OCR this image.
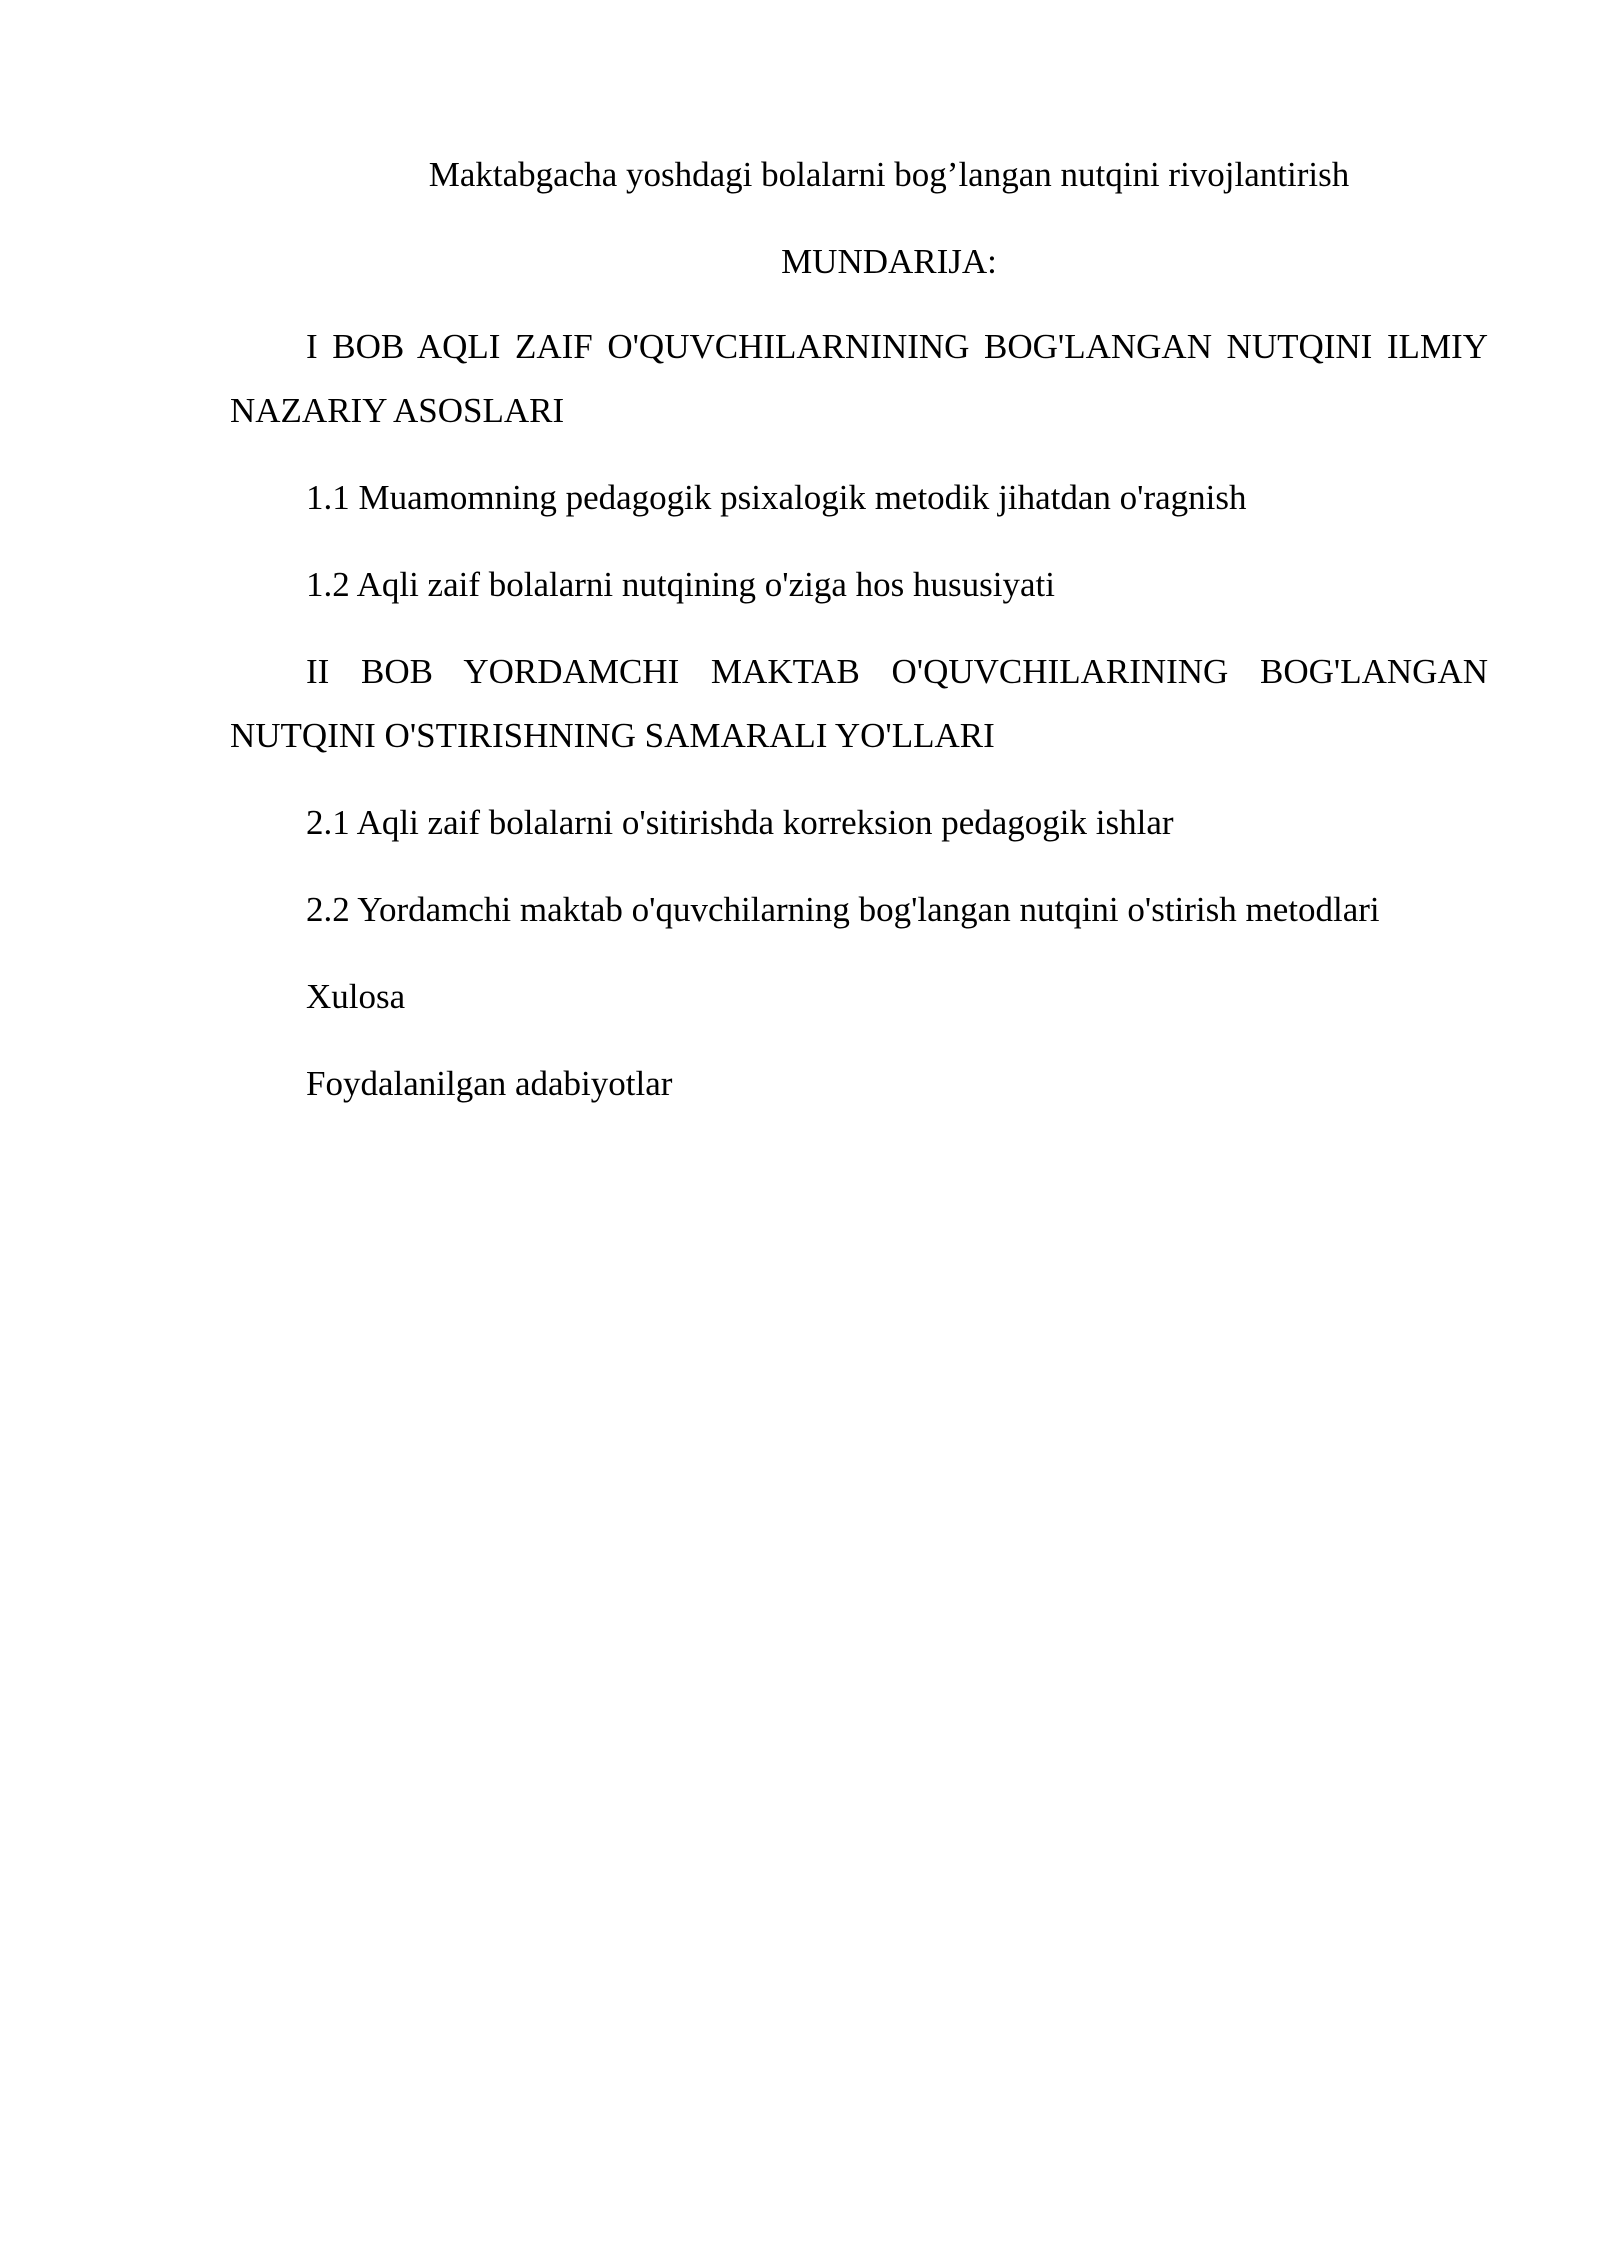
Maktabgacha yoshdagi bolalarni bog’langan nutqini rivojlantirish
MUNDARIJA:
I BOB AQLI ZAIF O'QUVCHILARNINING BOG'LANGAN NUTQINI ILMIY NAZARIY ASOSLARI
1.1 Muamomning pedagogik psixalogik metodik jihatdan o'ragnish
1.2 Aqli zaif bolalarni nutqining o'ziga hos hususiyati
II BOB YORDAMCHI MAKTAB O'QUVCHILARINING BOG'LANGAN NUTQINI O'STIRISHNING SAMARALI YO'LLARI
2.1 Aqli zaif bolalarni o'sitirishda korreksion pedagogik ishlar
2.2 Yordamchi maktab o'quvchilarning bog'langan nutqini o'stirish metodlari
Xulosa
Foydalanilgan adabiyotlar
